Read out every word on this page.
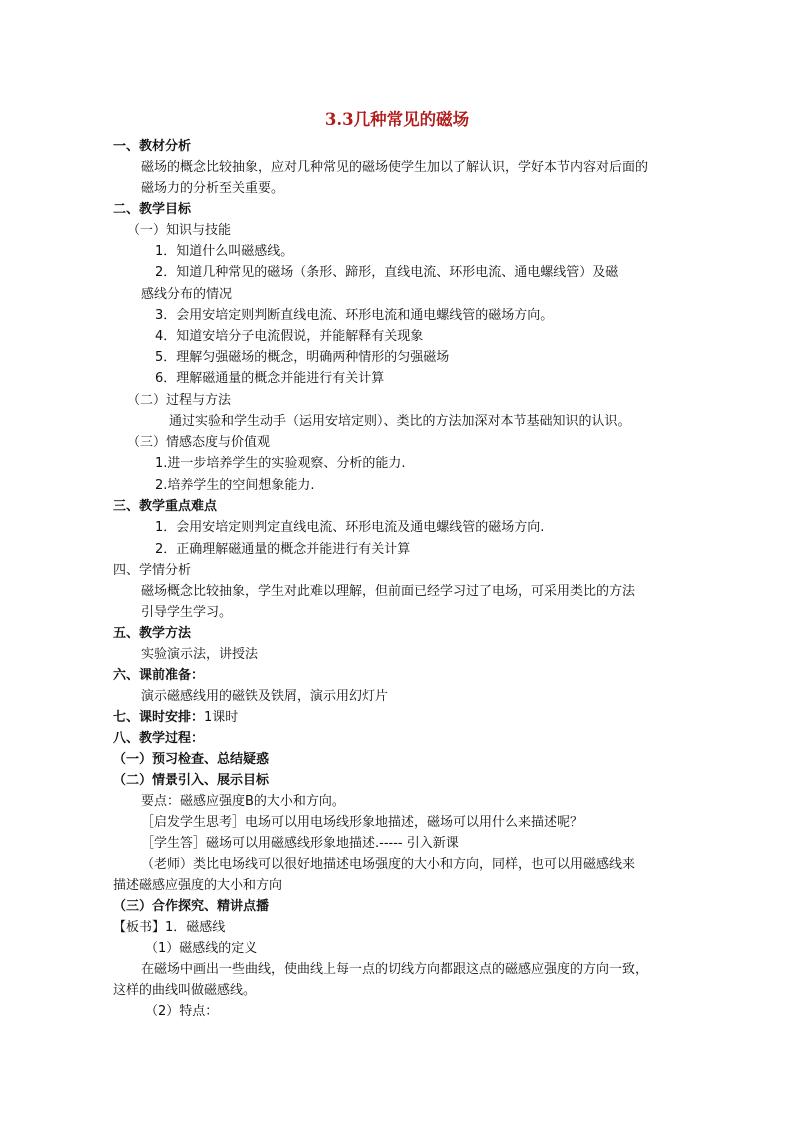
3.3几种常见的磁场
一、教材分析
磁场的概念比较抽象，应对几种常见的磁场使学生加以了解认识，学好本节内容对后面的
磁场力的分析至关重要。
二、教学目标
（一）知识与技能
1．知道什么叫磁感线。
2．知道几种常见的磁场（条形、蹄形，直线电流、环形电流、通电螺线管）及磁
感线分布的情况
3．会用安培定则判断直线电流、环形电流和通电螺线管的磁场方向。
4．知道安培分子电流假说，并能解释有关现象
5．理解匀强磁场的概念，明确两种情形的匀强磁场
6．理解磁通量的概念并能进行有关计算
（二）过程与方法
通过实验和学生动手（运用安培定则）、类比的方法加深对本节基础知识的认识。
（三）情感态度与价值观
1.进一步培养学生的实验观察、分析的能力.
2.培养学生的空间想象能力.
三、教学重点难点
1．会用安培定则判定直线电流、环形电流及通电螺线管的磁场方向.
2．正确理解磁通量的概念并能进行有关计算
四、学情分析
磁场概念比较抽象，学生对此难以理解，但前面已经学习过了电场，可采用类比的方法
引导学生学习。
五、教学方法
实验演示法，讲授法
六、课前准备：
演示磁感线用的磁铁及铁屑，演示用幻灯片
七、课时安排：1课时
八、教学过程：
（一）预习检查、总结疑惑
（二）情景引入、展示目标
要点：磁感应强度B的大小和方向。
［启发学生思考］电场可以用电场线形象地描述，磁场可以用什么来描述呢？
［学生答］磁场可以用磁感线形象地描述.----- 引入新课
（老师）类比电场线可以很好地描述电场强度的大小和方向，同样，也可以用磁感线来
描述磁感应强度的大小和方向
（三）合作探究、精讲点播
【板书】1．磁感线
（1）磁感线的定义
在磁场中画出一些曲线，使曲线上每一点的切线方向都跟这点的磁感应强度的方向一致，
这样的曲线叫做磁感线。
（2）特点：
